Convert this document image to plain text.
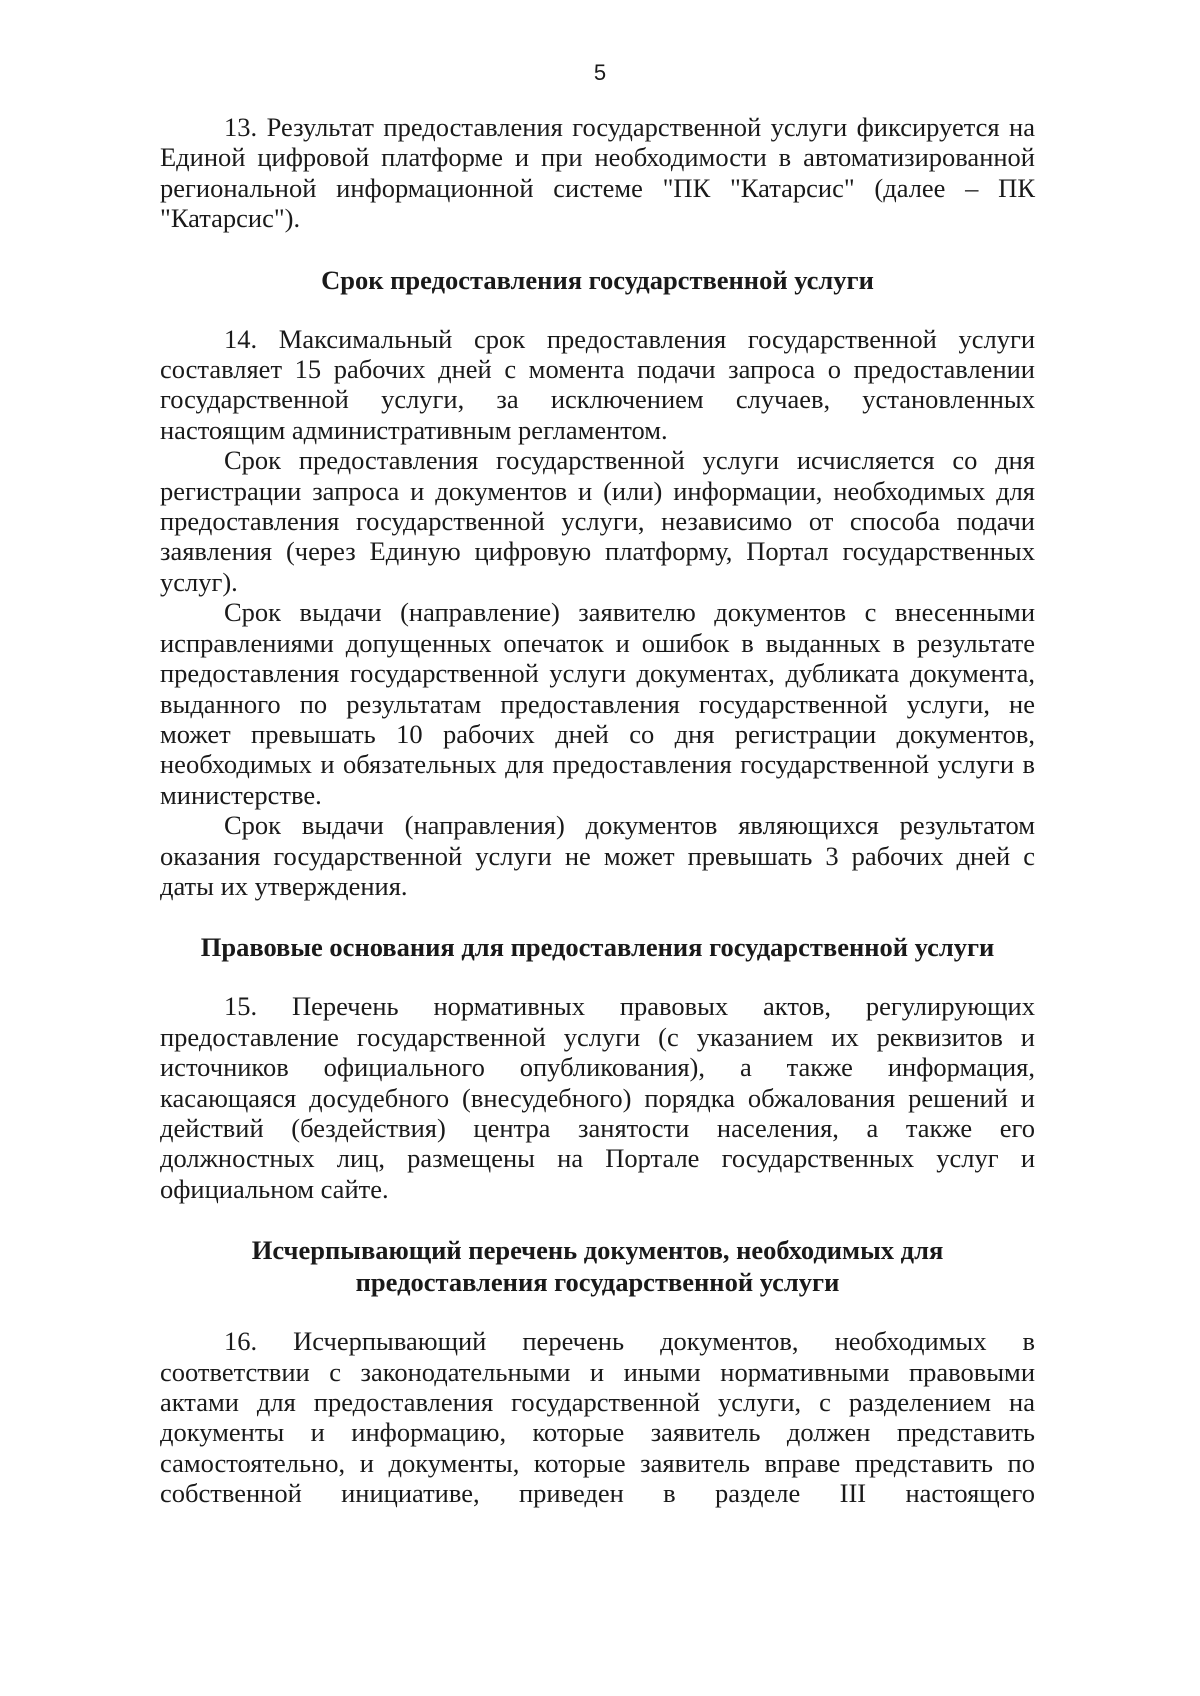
5

13. Результат предоставления государственной услуги фиксируется на Единой цифровой платформе и при необходимости в автоматизированной региональной информационной системе "ПК "Катарсис" (далее – ПК "Катарсис").

Срок предоставления государственной услуги

14. Максимальный срок предоставления государственной услуги составляет 15 рабочих дней с момента подачи запроса о предоставлении государственной услуги, за исключением случаев, установленных настоящим административным регламентом.

Срок предоставления государственной услуги исчисляется со дня регистрации запроса и документов и (или) информации, необходимых для предоставления государственной услуги, независимо от способа подачи заявления (через Единую цифровую платформу, Портал государственных услуг).

Срок выдачи (направление) заявителю документов с внесенными исправлениями допущенных опечаток и ошибок в выданных в результате предоставления государственной услуги документах, дубликата документа, выданного по результатам предоставления государственной услуги, не может превышать 10 рабочих дней со дня регистрации документов, необходимых и обязательных для предоставления государственной услуги в министерстве.

Срок выдачи (направления) документов являющихся результатом оказания государственной услуги не может превышать 3 рабочих дней с даты их утверждения.

Правовые основания для предоставления государственной услуги

15. Перечень нормативных правовых актов, регулирующих предоставление государственной услуги (с указанием их реквизитов и источников официального опубликования), а также информация, касающаяся досудебного (внесудебного) порядка обжалования решений и действий (бездействия) центра занятости населения, а также его должностных лиц, размещены на Портале государственных услуг и официальном сайте.

Исчерпывающий перечень документов, необходимых для

предоставления государственной услуги

16. Исчерпывающий перечень документов, необходимых в соответствии с законодательными и иными нормативными правовыми актами для предоставления государственной услуги, с разделением на документы и информацию, которые заявитель должен представить самостоятельно, и документы, которые заявитель вправе представить по собственной инициативе, приведен в разделе III настоящего
